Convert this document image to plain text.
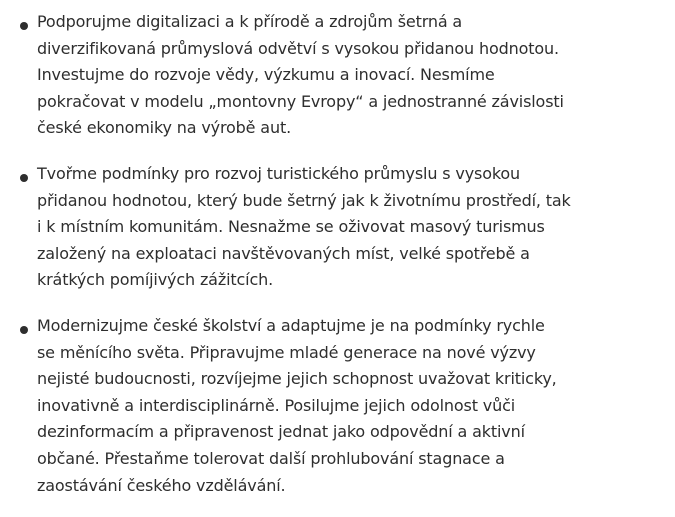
Podporujme digitalizaci a k přírodě a zdrojům šetrná a
diverzifikovaná průmyslová odvětví s vysokou přidanou hodnotou.
Investujme do rozvoje vědy, výzkumu a inovací. Nesmíme
pokračovat v modelu „montovny Evropy“ a jednostranné závislosti
české ekonomiky na výrobě aut.

Tvořme podmínky pro rozvoj turistického průmyslu s vysokou
přidanou hodnotou, který bude šetrný jak k životnímu prostředí, tak
i k místním komunitám. Nesnažme se oživovat masový turismus
založený na exploataci navštěvovaných míst, velké spotřebě a
krátkých pomíjivých zážitcích.

Modernizujme české školství a adaptujme je na podmínky rychle
se měnícího světa. Připravujme mladé generace na nové výzvy
nejisté budoucnosti, rozvíjejme jejich schopnost uvažovat kriticky,
inovativně a interdisciplinárně. Posilujme jejich odolnost vůči
dezinformacím a připravenost jednat jako odpovědní a aktivní
občané. Přestaňme tolerovat další prohlubování stagnace a
zaostávání českého vzdělávání.
